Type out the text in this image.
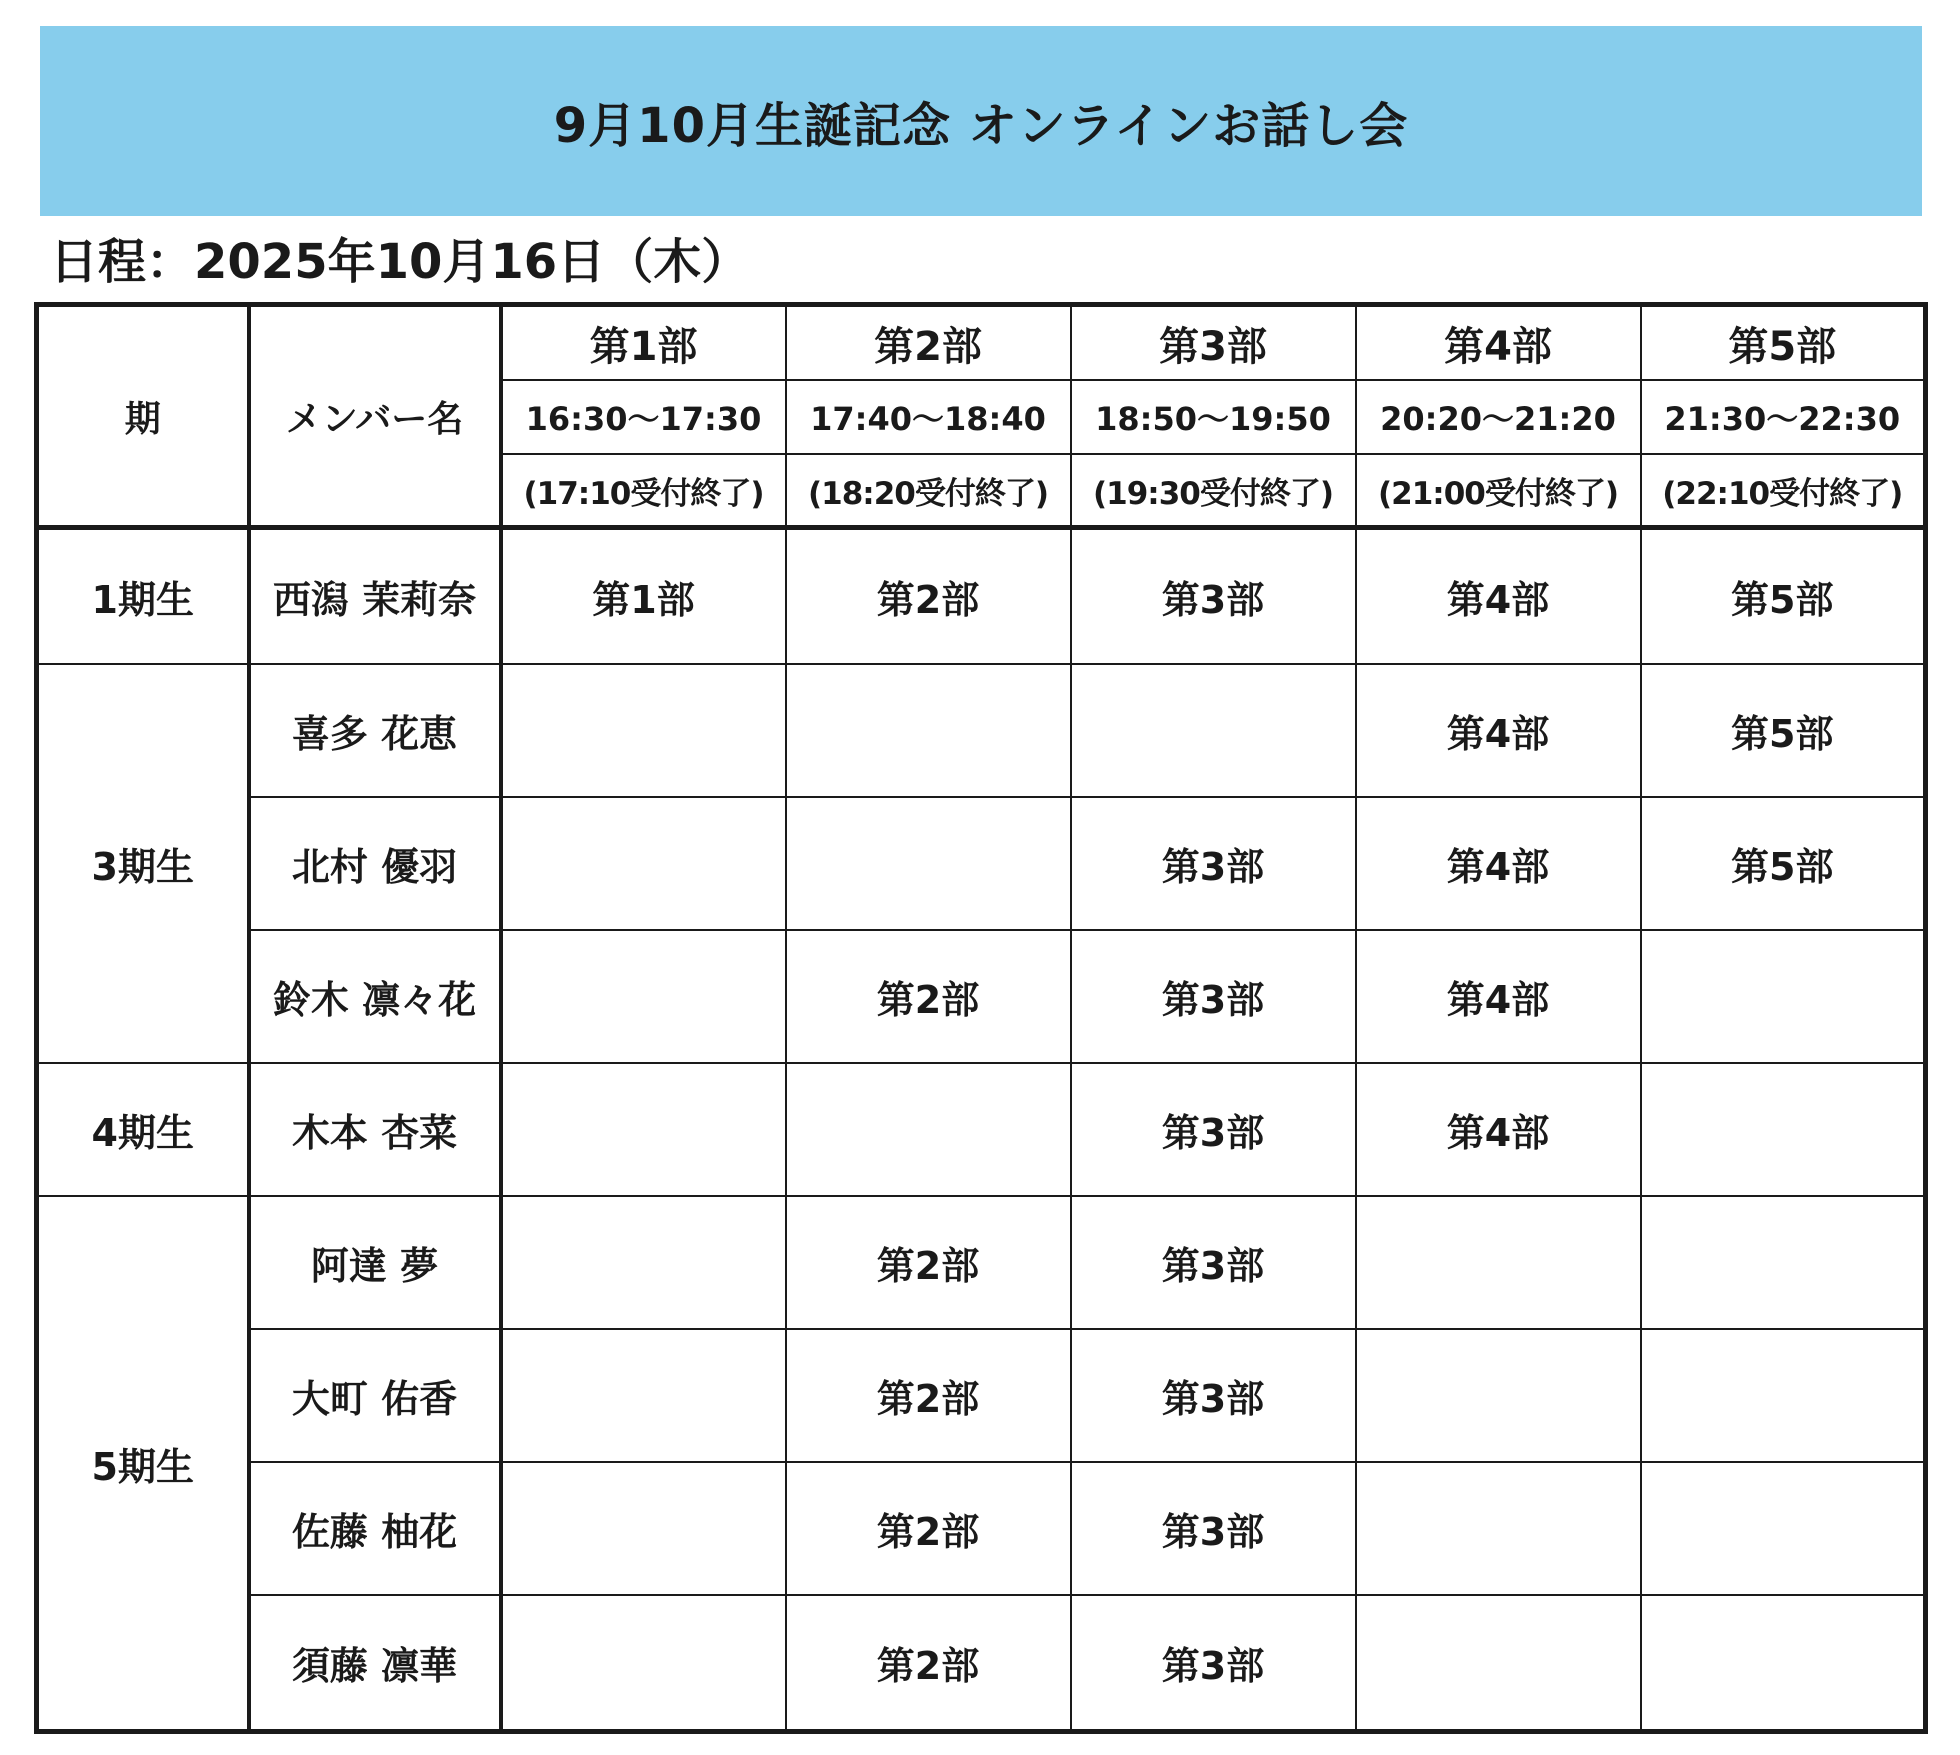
9月10月生誕記念 オンラインお話し会
日程：2025年10月16日（木）
期	メンバー名	第1部	第2部	第3部	第4部	第5部
		16:30〜17:30	17:40〜18:40	18:50〜19:50	20:20〜21:20	21:30〜22:30
		(17:10受付終了)	(18:20受付終了)	(19:30受付終了)	(21:00受付終了)	(22:10受付終了)
1期生	西潟 茉莉奈	第1部	第2部	第3部	第4部	第5部
3期生	喜多 花恵				第4部	第5部
	北村 優羽			第3部	第4部	第5部
	鈴木 凛々花		第2部	第3部	第4部	
4期生	木本 杏菜			第3部	第4部	
5期生	阿達 夢		第2部	第3部		
	大町 佑香		第2部	第3部		
	佐藤 柚花		第2部	第3部		
	須藤 凛華		第2部	第3部		
